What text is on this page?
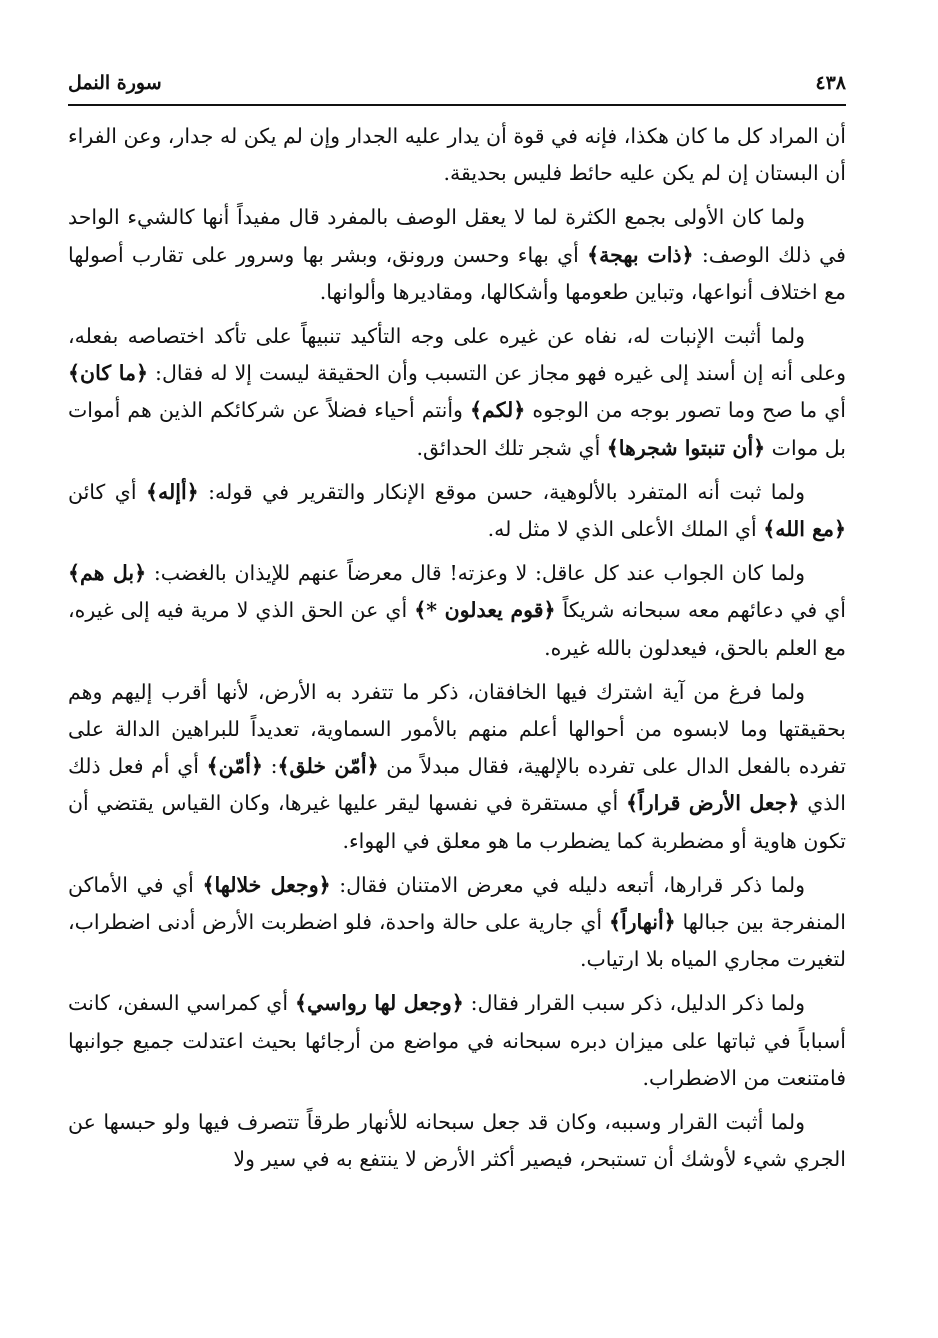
٤٣٨
سورة النمل

أن المراد كل ما كان هكذا، فإنه في قوة أن يدار عليه الجدار وإن لم يكن له جدار، وعن الفراء أن البستان إن لم يكن عليه حائط فليس بحديقة.

ولما كان الأولى بجمع الكثرة لما لا يعقل الوصف بالمفرد قال مفيداً أنها كالشيء الواحد في ذلك الوصف: ﴿ذات بهجة﴾ أي بهاء وحسن ورونق، وبشر بها وسرور على تقارب أصولها مع اختلاف أنواعها، وتباين طعومها وأشكالها، ومقاديرها وألوانها.

ولما أثبت الإنبات له، نفاه عن غيره على وجه التأكيد تنبيهاً على تأكد اختصاصه بفعله، وعلى أنه إن أسند إلى غيره فهو مجاز عن التسبب وأن الحقيقة ليست إلا له فقال: ﴿ما كان﴾ أي ما صح وما تصور بوجه من الوجوه ﴿لكم﴾ وأنتم أحياء فضلاً عن شركائكم الذين هم أموات بل موات ﴿أن تنبتوا شجرها﴾ أي شجر تلك الحدائق.

ولما ثبت أنه المتفرد بالألوهية، حسن موقع الإنكار والتقرير في قوله: ﴿أإله﴾ أي كائن ﴿مع الله﴾ أي الملك الأعلى الذي لا مثل له.

ولما كان الجواب عند كل عاقل: لا وعزته! قال معرضاً عنهم للإيذان بالغضب: ﴿بل هم﴾ أي في دعائهم معه سبحانه شريكاً ﴿قوم يعدلون *﴾ أي عن الحق الذي لا مرية فيه إلى غيره، مع العلم بالحق، فيعدلون بالله غيره.

ولما فرغ من آية اشترك فيها الخافقان، ذكر ما تتفرد به الأرض، لأنها أقرب إليهم وهم بحقيقتها وما لابسوه من أحوالها أعلم منهم بالأمور السماوية، تعديداً للبراهين الدالة على تفرده بالفعل الدال على تفرده بالإلهية، فقال مبدلاً من ﴿أمّن خلق﴾: ﴿أمّن﴾ أي أم فعل ذلك الذي ﴿جعل الأرض قراراً﴾ أي مستقرة في نفسها ليقر عليها غيرها، وكان القياس يقتضي أن تكون هاوية أو مضطربة كما يضطرب ما هو معلق في الهواء.

ولما ذكر قرارها، أتبعه دليله في معرض الامتنان فقال: ﴿وجعل خلالها﴾ أي في الأماكن المنفرجة بين جبالها ﴿أنهاراً﴾ أي جارية على حالة واحدة، فلو اضطربت الأرض أدنى اضطراب، لتغيرت مجاري المياه بلا ارتياب.

ولما ذكر الدليل، ذكر سبب القرار فقال: ﴿وجعل لها رواسي﴾ أي كمراسي السفن، كانت أسباباً في ثباتها على ميزان دبره سبحانه في مواضع من أرجائها بحيث اعتدلت جميع جوانبها فامتنعت من الاضطراب.

ولما أثبت القرار وسببه، وكان قد جعل سبحانه للأنهار طرقاً تتصرف فيها ولو حبسها عن الجري شيء لأوشك أن تستبحر، فيصير أكثر الأرض لا ينتفع به في سير ولا
